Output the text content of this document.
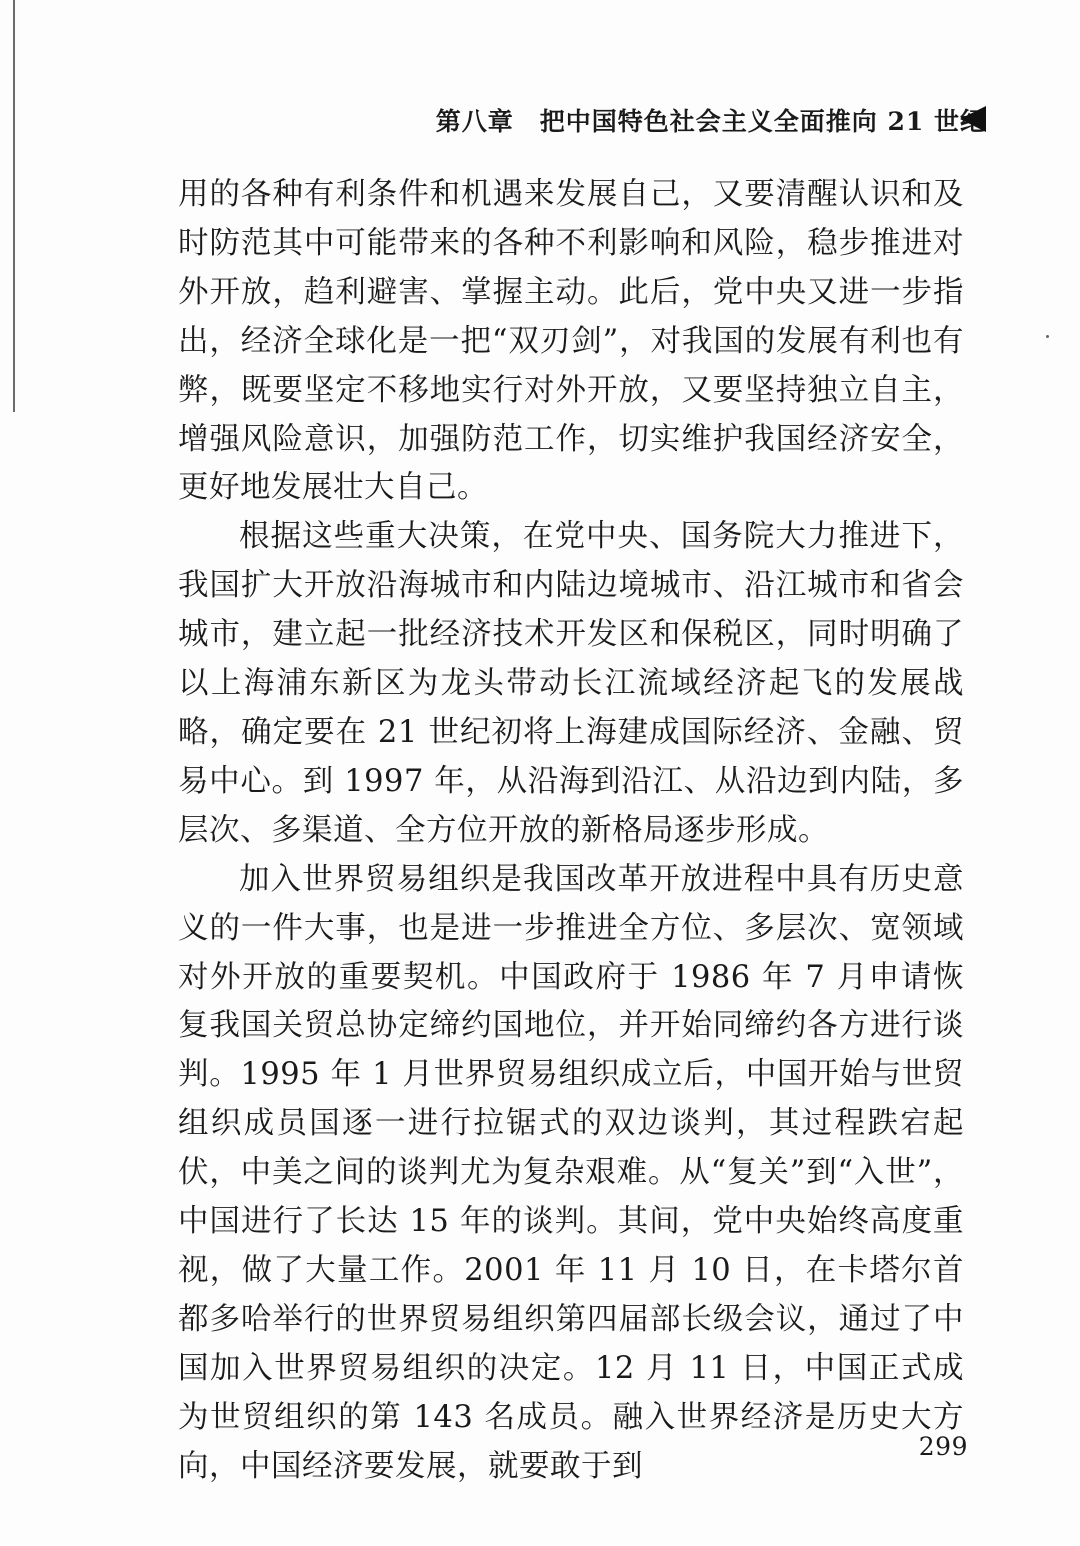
第八章 把中国特色社会主义全面推向 21 世纪

用的各种有利条件和机遇来发展自己，又要清醒认识和及时防范其中可能带来的各种不利影响和风险，稳步推进对外开放，趋利避害、掌握主动。此后，党中央又进一步指出，经济全球化是一把“双刃剑”，对我国的发展有利也有弊，既要坚定不移地实行对外开放，又要坚持独立自主，增强风险意识，加强防范工作，切实维护我国经济安全，更好地发展壮大自己。

根据这些重大决策，在党中央、国务院大力推进下，我国扩大开放沿海城市和内陆边境城市、沿江城市和省会城市，建立起一批经济技术开发区和保税区，同时明确了以上海浦东新区为龙头带动长江流域经济起飞的发展战略，确定要在 21 世纪初将上海建成国际经济、金融、贸易中心。到 1997 年，从沿海到沿江、从沿边到内陆，多层次、多渠道、全方位开放的新格局逐步形成。

加入世界贸易组织是我国改革开放进程中具有历史意义的一件大事，也是进一步推进全方位、多层次、宽领域对外开放的重要契机。中国政府于 1986 年 7 月申请恢复我国关贸总协定缔约国地位，并开始同缔约各方进行谈判。1995 年 1 月世界贸易组织成立后，中国开始与世贸组织成员国逐一进行拉锯式的双边谈判，其过程跌宕起伏，中美之间的谈判尤为复杂艰难。从“复关”到“入世”，中国进行了长达 15 年的谈判。其间，党中央始终高度重视，做了大量工作。2001 年 11 月 10 日，在卡塔尔首都多哈举行的世界贸易组织第四届部长级会议，通过了中国加入世界贸易组织的决定。12 月 11 日，中国正式成为世贸组织的第 143 名成员。融入世界经济是历史大方向，中国经济要发展，就要敢于到

299
